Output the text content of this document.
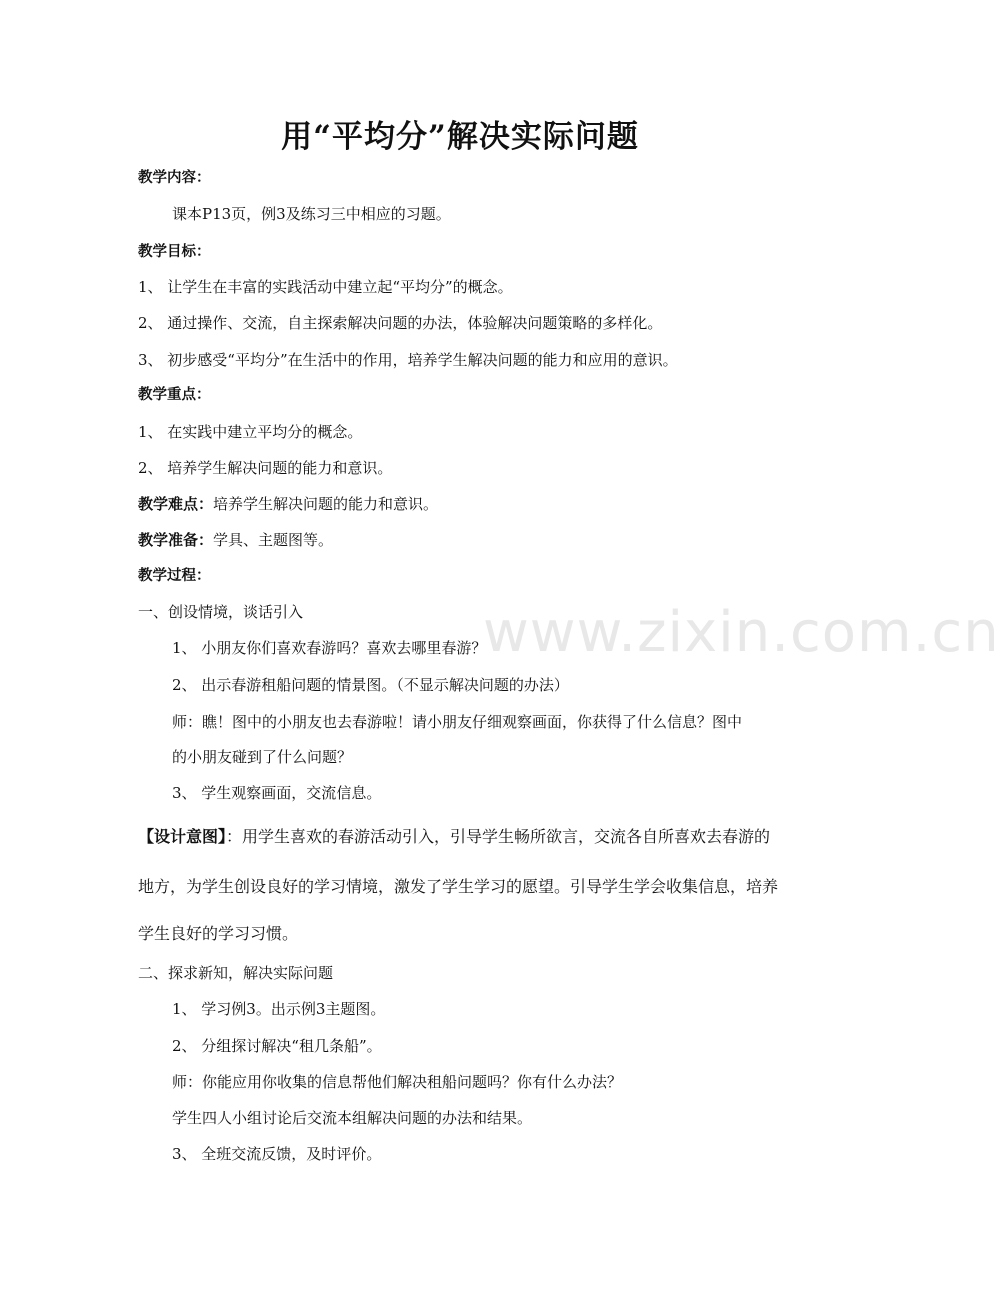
www.zixin.com.cn
用“平均分”解决实际问题
教学内容：
课本P13页，例3及练习三中相应的习题。
教学目标：
1、 让学生在丰富的实践活动中建立起“平均分”的概念。
2、 通过操作、交流，自主探索解决问题的办法，体验解决问题策略的多样化。
3、 初步感受“平均分”在生活中的作用，培养学生解决问题的能力和应用的意识。
教学重点：
1、 在实践中建立平均分的概念。
2、 培养学生解决问题的能力和意识。
教学难点：培养学生解决问题的能力和意识。
教学准备：学具、主题图等。
教学过程：
一、创设情境，谈话引入
1、 小朋友你们喜欢春游吗？喜欢去哪里春游？
2、 出示春游租船问题的情景图。（不显示解决问题的办法）
师：瞧！图中的小朋友也去春游啦！请小朋友仔细观察画面，你获得了什么信息？图中
的小朋友碰到了什么问题？
3、 学生观察画面，交流信息。
【设计意图】：用学生喜欢的春游活动引入，引导学生畅所欲言，交流各自所喜欢去春游的
地方，为学生创设良好的学习情境，激发了学生学习的愿望。引导学生学会收集信息，培养
学生良好的学习习惯。
二、探求新知，解决实际问题
1、 学习例3。出示例3主题图。
2、 分组探讨解决“租几条船”。
师：你能应用你收集的信息帮他们解决租船问题吗？你有什么办法？
学生四人小组讨论后交流本组解决问题的办法和结果。
3、 全班交流反馈，及时评价。
